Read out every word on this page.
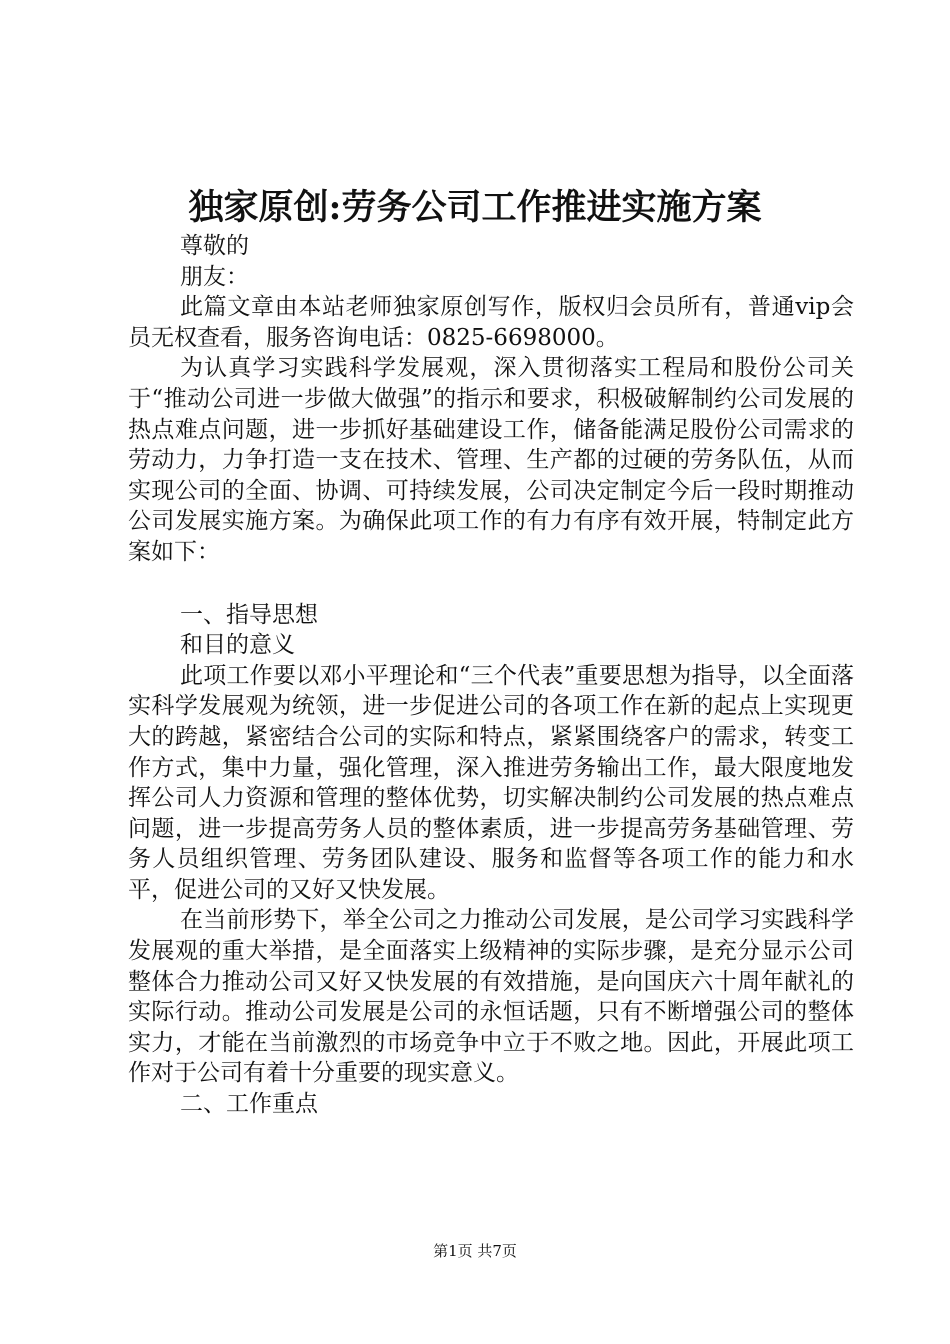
独家原创:劳务公司工作推进实施方案

尊敬的

朋友：

此篇文章由本站老师独家原创写作，版权归会员所有，普通vip会员无权查看，服务咨询电话：0825-6698000。

为认真学习实践科学发展观，深入贯彻落实工程局和股份公司关于“推动公司进一步做大做强”的指示和要求，积极破解制约公司发展的热点难点问题，进一步抓好基础建设工作，储备能满足股份公司需求的劳动力，力争打造一支在技术、管理、生产都的过硬的劳务队伍，从而实现公司的全面、协调、可持续发展，公司决定制定今后一段时期推动公司发展实施方案。为确保此项工作的有力有序有效开展，特制定此方案如下：

一、指导思想

和目的意义

此项工作要以邓小平理论和“三个代表”重要思想为指导，以全面落实科学发展观为统领，进一步促进公司的各项工作在新的起点上实现更大的跨越，紧密结合公司的实际和特点，紧紧围绕客户的需求，转变工作方式，集中力量，强化管理，深入推进劳务输出工作，最大限度地发挥公司人力资源和管理的整体优势，切实解决制约公司发展的热点难点问题，进一步提高劳务人员的整体素质，进一步提高劳务基础管理、劳务人员组织管理、劳务团队建设、服务和监督等各项工作的能力和水平，促进公司的又好又快发展。

在当前形势下，举全公司之力推动公司发展，是公司学习实践科学发展观的重大举措，是全面落实上级精神的实际步骤，是充分显示公司整体合力推动公司又好又快发展的有效措施，是向国庆六十周年献礼的实际行动。推动公司发展是公司的永恒话题，只有不断增强公司的整体实力，才能在当前激烈的市场竞争中立于不败之地。因此，开展此项工作对于公司有着十分重要的现实意义。

二、工作重点

第1页 共7页
